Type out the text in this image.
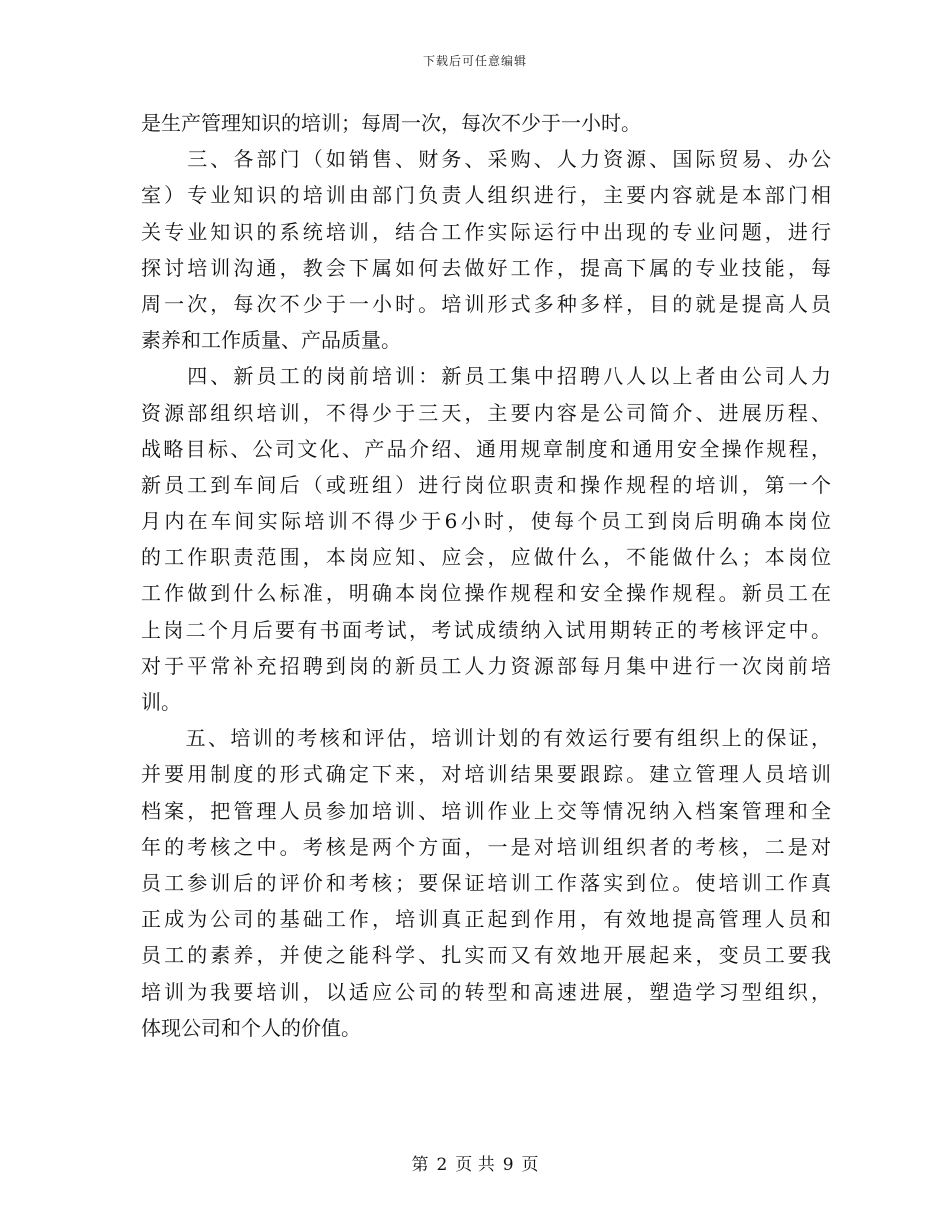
下载后可任意编辑
是生产管理知识的培训；每周一次，每次不少于一小时。
　　三、各部门（如销售、财务、采购、人力资源、国际贸易、办公
室）专业知识的培训由部门负责人组织进行，主要内容就是本部门相
关专业知识的系统培训，结合工作实际运行中出现的专业问题，进行
探讨培训沟通，教会下属如何去做好工作，提高下属的专业技能，每
周一次，每次不少于一小时。培训形式多种多样，目的就是提高人员
素养和工作质量、产品质量。
　　四、新员工的岗前培训：新员工集中招聘八人以上者由公司人力
资源部组织培训，不得少于三天，主要内容是公司简介、进展历程、
战略目标、公司文化、产品介绍、通用规章制度和通用安全操作规程，
新员工到车间后（或班组）进行岗位职责和操作规程的培训，第一个
月内在车间实际培训不得少于6小时，使每个员工到岗后明确本岗位
的工作职责范围，本岗应知、应会，应做什么，不能做什么；本岗位
工作做到什么标准，明确本岗位操作规程和安全操作规程。新员工在
上岗二个月后要有书面考试，考试成绩纳入试用期转正的考核评定中。
对于平常补充招聘到岗的新员工人力资源部每月集中进行一次岗前培
训。
　　五、培训的考核和评估，培训计划的有效运行要有组织上的保证，
并要用制度的形式确定下来，对培训结果要跟踪。建立管理人员培训
档案，把管理人员参加培训、培训作业上交等情况纳入档案管理和全
年的考核之中。考核是两个方面，一是对培训组织者的考核，二是对
员工参训后的评价和考核；要保证培训工作落实到位。使培训工作真
正成为公司的基础工作，培训真正起到作用，有效地提高管理人员和
员工的素养，并使之能科学、扎实而又有效地开展起来，变员工要我
培训为我要培训，以适应公司的转型和高速进展，塑造学习型组织，
体现公司和个人的价值。
第 2 页 共 9 页
